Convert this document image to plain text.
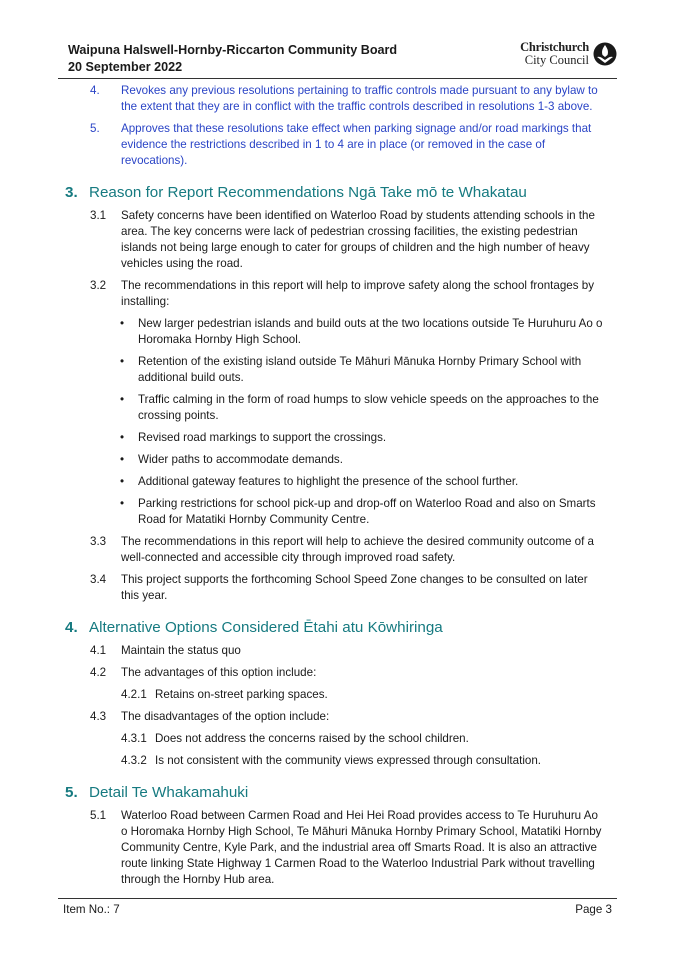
Waipuna Halswell-Hornby-Riccarton Community Board
20 September 2022
Christchurch
City Council
4. Revokes any previous resolutions pertaining to traffic controls made pursuant to any bylaw to the extent that they are in conflict with the traffic controls described in resolutions 1-3 above.
5. Approves that these resolutions take effect when parking signage and/or road markings that evidence the restrictions described in 1 to 4 are in place (or removed in the case of revocations).
3. Reason for Report Recommendations Ngā Take mō te Whakatau
3.1 Safety concerns have been identified on Waterloo Road by students attending schools in the area. The key concerns were lack of pedestrian crossing facilities, the existing pedestrian islands not being large enough to cater for groups of children and the high number of heavy vehicles using the road.
3.2 The recommendations in this report will help to improve safety along the school frontages by installing:
• New larger pedestrian islands and build outs at the two locations outside Te Huruhuru Ao o Horomaka Hornby High School.
• Retention of the existing island outside Te Māhuri Mānuka Hornby Primary School with additional build outs.
• Traffic calming in the form of road humps to slow vehicle speeds on the approaches to the crossing points.
• Revised road markings to support the crossings.
• Wider paths to accommodate demands.
• Additional gateway features to highlight the presence of the school further.
• Parking restrictions for school pick-up and drop-off on Waterloo Road and also on Smarts Road for Matatiki Hornby Community Centre.
3.3 The recommendations in this report will help to achieve the desired community outcome of a well-connected and accessible city through improved road safety.
3.4 This project supports the forthcoming School Speed Zone changes to be consulted on later this year.
4. Alternative Options Considered Ētahi atu Kōwhiringa
4.1 Maintain the status quo
4.2 The advantages of this option include:
4.2.1 Retains on-street parking spaces.
4.3 The disadvantages of the option include:
4.3.1 Does not address the concerns raised by the school children.
4.3.2 Is not consistent with the community views expressed through consultation.
5. Detail Te Whakamahuki
5.1 Waterloo Road between Carmen Road and Hei Hei Road provides access to Te Huruhuru Ao o Horomaka Hornby High School, Te Māhuri Mānuka Hornby Primary School, Matatiki Hornby Community Centre, Kyle Park, and the industrial area off Smarts Road. It is also an attractive route linking State Highway 1 Carmen Road to the Waterloo Industrial Park without travelling through the Hornby Hub area.
Item No.: 7	Page 3
